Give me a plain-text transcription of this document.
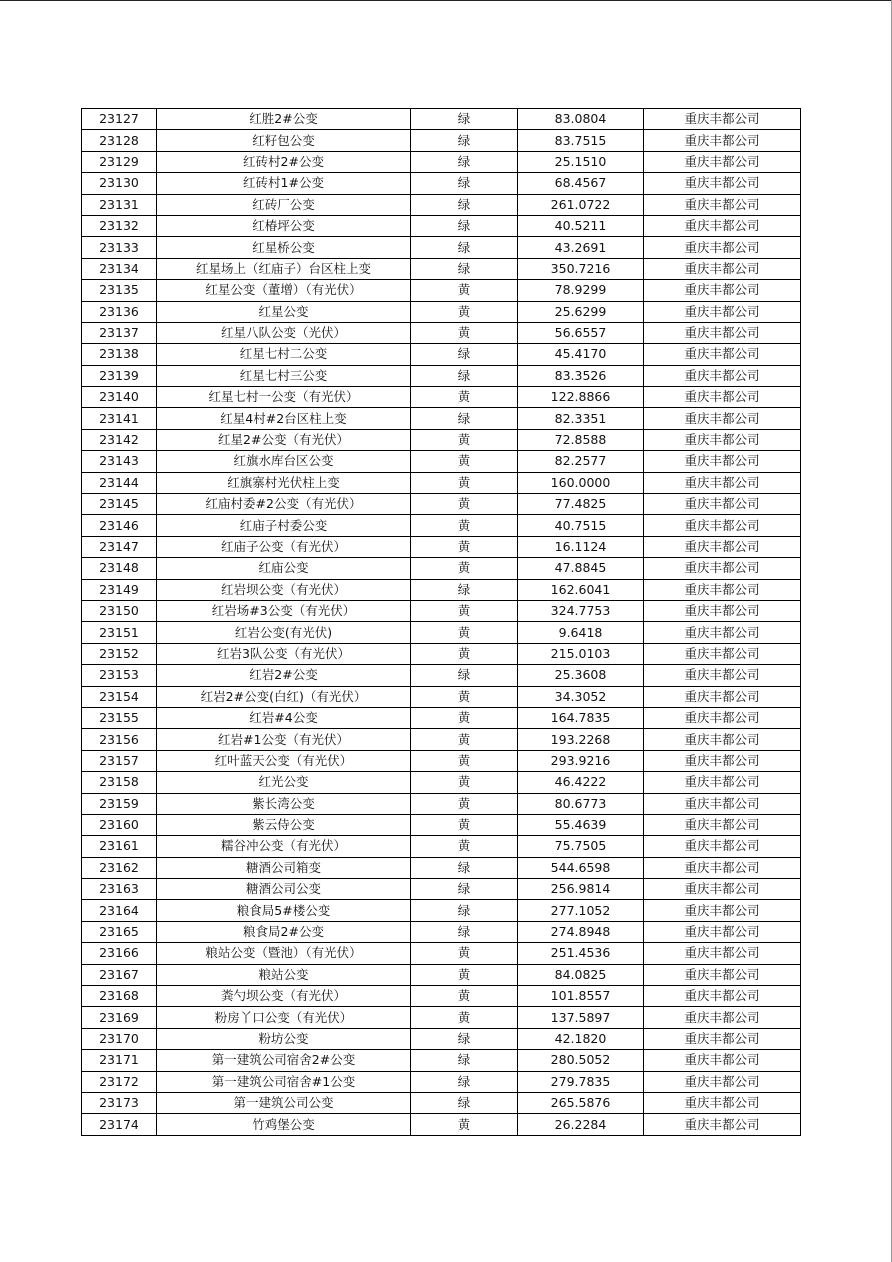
23127	红胜2#公变	绿	83.0804	重庆丰都公司
23128	红籽包公变	绿	83.7515	重庆丰都公司
23129	红砖村2#公变	绿	25.1510	重庆丰都公司
23130	红砖村1#公变	绿	68.4567	重庆丰都公司
23131	红砖厂公变	绿	261.0722	重庆丰都公司
23132	红椿坪公变	绿	40.5211	重庆丰都公司
23133	红星桥公变	绿	43.2691	重庆丰都公司
23134	红星场上（红庙子）台区柱上变	绿	350.7216	重庆丰都公司
23135	红星公变（董增）（有光伏）	黄	78.9299	重庆丰都公司
23136	红星公变	黄	25.6299	重庆丰都公司
23137	红星八队公变（光伏）	黄	56.6557	重庆丰都公司
23138	红星七村二公变	绿	45.4170	重庆丰都公司
23139	红星七村三公变	绿	83.3526	重庆丰都公司
23140	红星七村一公变（有光伏）	黄	122.8866	重庆丰都公司
23141	红星4村#2台区柱上变	绿	82.3351	重庆丰都公司
23142	红星2#公变（有光伏）	黄	72.8588	重庆丰都公司
23143	红旗水库台区公变	黄	82.2577	重庆丰都公司
23144	红旗寨村光伏柱上变	黄	160.0000	重庆丰都公司
23145	红庙村委#2公变（有光伏）	黄	77.4825	重庆丰都公司
23146	红庙子村委公变	黄	40.7515	重庆丰都公司
23147	红庙子公变（有光伏）	黄	16.1124	重庆丰都公司
23148	红庙公变	黄	47.8845	重庆丰都公司
23149	红岩坝公变（有光伏）	绿	162.6041	重庆丰都公司
23150	红岩场#3公变（有光伏）	黄	324.7753	重庆丰都公司
23151	红岩公变(有光伏)	黄	9.6418	重庆丰都公司
23152	红岩3队公变（有光伏）	黄	215.0103	重庆丰都公司
23153	红岩2#公变	绿	25.3608	重庆丰都公司
23154	红岩2#公变(白红)（有光伏）	黄	34.3052	重庆丰都公司
23155	红岩#4公变	黄	164.7835	重庆丰都公司
23156	红岩#1公变（有光伏）	黄	193.2268	重庆丰都公司
23157	红叶蓝天公变（有光伏）	黄	293.9216	重庆丰都公司
23158	红光公变	黄	46.4222	重庆丰都公司
23159	紫长湾公变	黄	80.6773	重庆丰都公司
23160	紫云侍公变	黄	55.4639	重庆丰都公司
23161	糯谷冲公变（有光伏）	黄	75.7505	重庆丰都公司
23162	糖酒公司箱变	绿	544.6598	重庆丰都公司
23163	糖酒公司公变	绿	256.9814	重庆丰都公司
23164	粮食局5#楼公变	绿	277.1052	重庆丰都公司
23165	粮食局2#公变	绿	274.8948	重庆丰都公司
23166	粮站公变（暨池）（有光伏）	黄	251.4536	重庆丰都公司
23167	粮站公变	黄	84.0825	重庆丰都公司
23168	粪勺坝公变（有光伏）	黄	101.8557	重庆丰都公司
23169	粉房丫口公变（有光伏）	黄	137.5897	重庆丰都公司
23170	粉坊公变	绿	42.1820	重庆丰都公司
23171	第一建筑公司宿舍2#公变	绿	280.5052	重庆丰都公司
23172	第一建筑公司宿舍#1公变	绿	279.7835	重庆丰都公司
23173	第一建筑公司公变	绿	265.5876	重庆丰都公司
23174	竹鸡堡公变	黄	26.2284	重庆丰都公司
